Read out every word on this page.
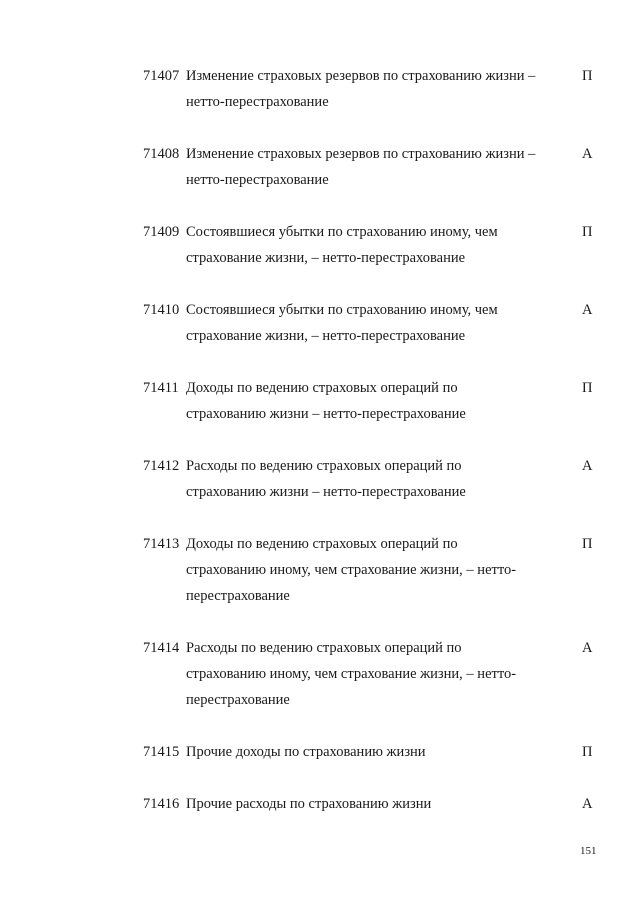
71407 Изменение страховых резервов по страхованию жизни –
нетто-перестрахование
П
71408 Изменение страховых резервов по страхованию жизни –
нетто-перестрахование
А
71409 Состоявшиеся убытки по страхованию иному, чем
страхование жизни, – нетто-перестрахование
П
71410 Состоявшиеся убытки по страхованию иному, чем
страхование жизни, – нетто-перестрахование
А
71411 Доходы по ведению страховых операций по
страхованию жизни – нетто-перестрахование
П
71412 Расходы по ведению страховых операций по
страхованию жизни – нетто-перестрахование
А
71413 Доходы по ведению страховых операций по
страхованию иному, чем страхование жизни, – нетто-
перестрахование
П
71414 Расходы по ведению страховых операций по
страхованию иному, чем страхование жизни, – нетто-
перестрахование
А
71415 Прочие доходы по страхованию жизни	П
71416 Прочие расходы по страхованию жизни	А
151
